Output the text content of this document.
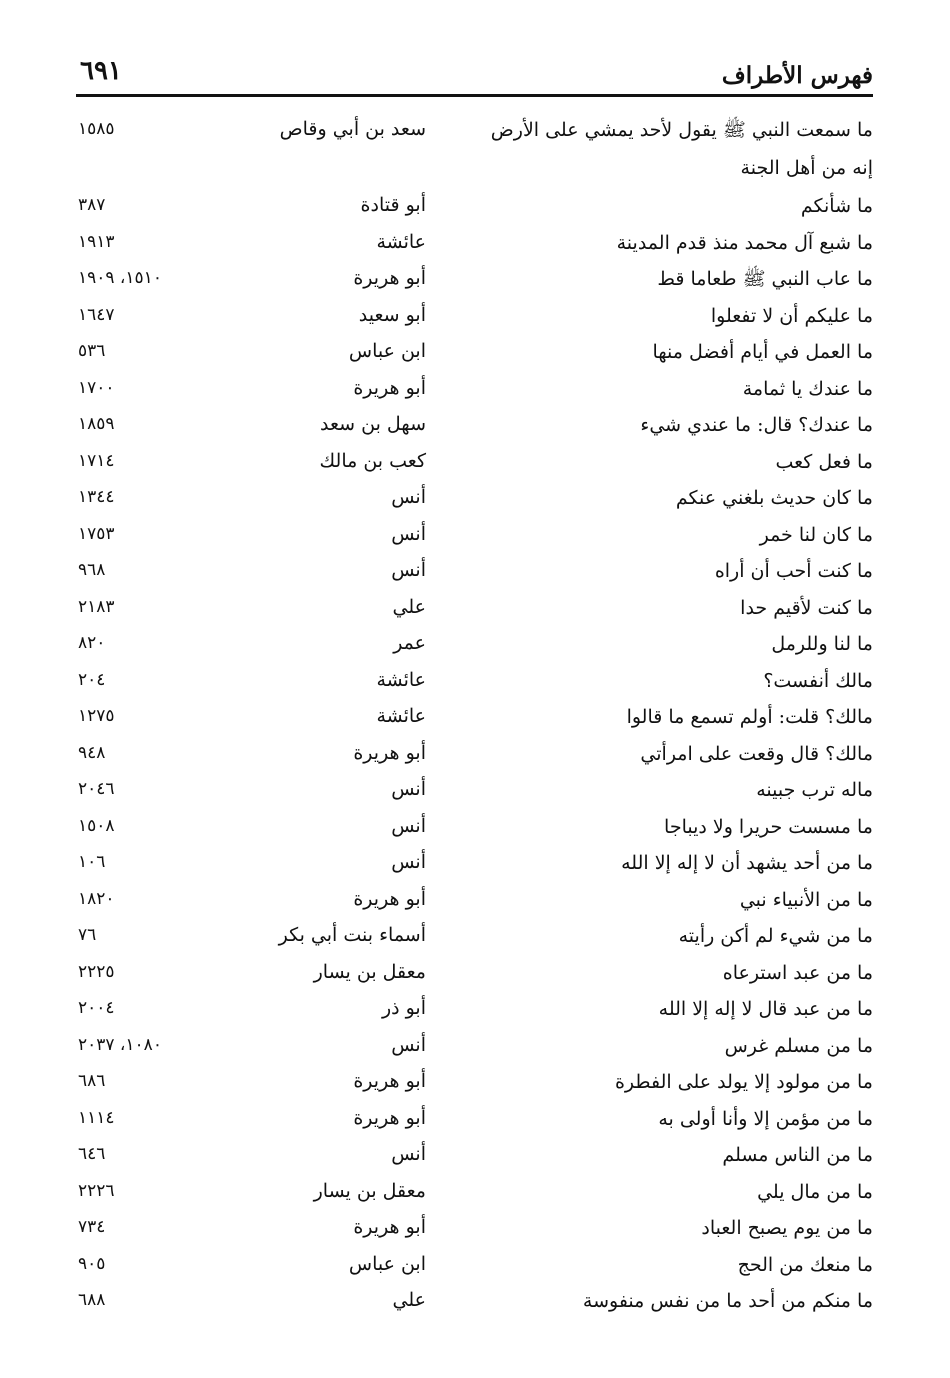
فهرس الأطراف
٦٩١
ما سمعت النبي ﷺ يقول لأحد يمشي على الأرض إنه من أهل الجنة
سعد بن أبي وقاص
١٥٨٥
ما شأنكم
أبو قتادة
٣٨٧
ما شبع آل محمد منذ قدم المدينة
عائشة
١٩١٣
ما عاب النبي ﷺ طعاما قط
أبو هريرة
١٥١٠، ١٩٠٩
ما عليكم أن لا تفعلوا
أبو سعيد
١٦٤٧
ما العمل في أيام أفضل منها
ابن عباس
٥٣٦
ما عندك يا ثمامة
أبو هريرة
١٧٠٠
ما عندك؟ قال: ما عندي شيء
سهل بن سعد
١٨٥٩
ما فعل كعب
كعب بن مالك
١٧١٤
ما كان حديث بلغني عنكم
أنس
١٣٤٤
ما كان لنا خمر
أنس
١٧٥٣
ما كنت أحب أن أراه
أنس
٩٦٨
ما كنت لأقيم حدا
علي
٢١٨٣
ما لنا وللرمل
عمر
٨٢٠
مالك أنفست؟
عائشة
٢٠٤
مالك؟ قلت: أولم تسمع ما قالوا
عائشة
١٢٧٥
مالك؟ قال وقعت على امرأتي
أبو هريرة
٩٤٨
ماله ترب جبينه
أنس
٢٠٤٦
ما مسست حريرا ولا ديباجا
أنس
١٥٠٨
ما من أحد يشهد أن لا إله إلا الله
أنس
١٠٦
ما من الأنبياء نبي
أبو هريرة
١٨٢٠
ما من شيء لم أكن رأيته
أسماء بنت أبي بكر
٧٦
ما من عبد استرعاه
معقل بن يسار
٢٢٢٥
ما من عبد قال لا إله إلا الله
أبو ذر
٢٠٠٤
ما من مسلم غرس
أنس
١٠٨٠، ٢٠٣٧
ما من مولود إلا يولد على الفطرة
أبو هريرة
٦٨٦
ما من مؤمن إلا وأنا أولى به
أبو هريرة
١١١٤
ما من الناس مسلم
أنس
٦٤٦
ما من مال يلي
معقل بن يسار
٢٢٢٦
ما من يوم يصبح العباد
أبو هريرة
٧٣٤
ما منعك من الحج
ابن عباس
٩٠٥
ما منكم من أحد ما من نفس منفوسة
علي
٦٨٨
